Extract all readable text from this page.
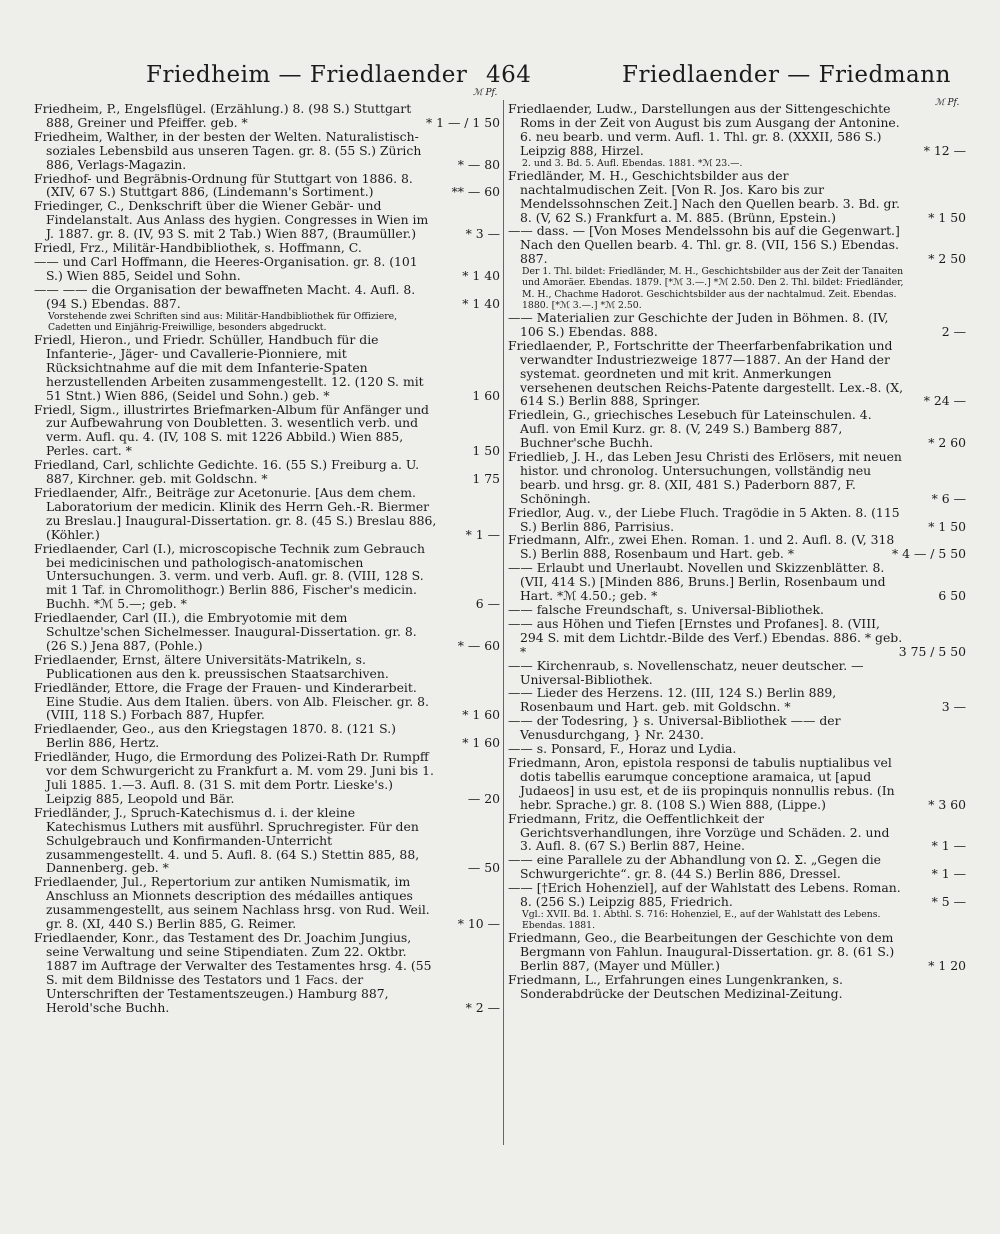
Friedheim — Friedlaender 464	Friedlaender — Friedmann
ℳ Pf.
ℳ Pf.
Friedheim, P., Engelsflügel. (Erzählung.) 8. (98 S.) Stuttgart 888, Greiner und Pfeiffer. geb. *	* 1 — / 1 50
Friedheim, Walther, in der besten der Welten. Naturalistisch-soziales Lebensbild aus unseren Tagen. gr. 8. (55 S.) Zürich 886, Verlags-Magazin.	* — 80
Friedhof- und Begräbnis-Ordnung für Stuttgart von 1886. 8. (XIV, 67 S.) Stuttgart 886, (Lindemann's Sortiment.)	** — 60
Friedinger, C., Denkschrift über die Wiener Gebär- und Findelanstalt. Aus Anlass des hygien. Congresses in Wien im J. 1887. gr. 8. (IV, 93 S. mit 2 Tab.) Wien 887, (Braumüller.)	* 3 —
Friedl, Frz., Militär-Handbibliothek, s. Hoffmann, C.
—— und Carl Hoffmann, die Heeres-Organisation. gr. 8. (101 S.) Wien 885, Seidel und Sohn.	* 1 40
—— —— die Organisation der bewaffneten Macht. 4. Aufl. 8. (94 S.) Ebendas. 887.	* 1 40
Vorstehende zwei Schriften sind aus: Militär-Handbibliothek für Offiziere, Cadetten und Einjährig-Freiwillige, besonders abgedruckt.
Friedl, Hieron., und Friedr. Schüller, Handbuch für die Infanterie-, Jäger- und Cavallerie-Pionniere, mit Rücksichtnahme auf die mit dem Infanterie-Spaten herzustellenden Arbeiten zusammengestellt. 12. (120 S. mit 51 Stnt.) Wien 886, (Seidel und Sohn.) geb. *	1 60
Friedl, Sigm., illustrirtes Briefmarken-Album für Anfänger und zur Aufbewahrung von Doubletten. 3. wesentlich verb. und verm. Aufl. qu. 4. (IV, 108 S. mit 1226 Abbild.) Wien 885, Perles. cart. *	1 50
Friedland, Carl, schlichte Gedichte. 16. (55 S.) Freiburg a. U. 887, Kirchner. geb. mit Goldschn. *	1 75
Friedlaender, Alfr., Beiträge zur Acetonurie. [Aus dem chem. Laboratorium der medicin. Klinik des Herrn Geh.-R. Biermer zu Breslau.] Inaugural-Dissertation. gr. 8. (45 S.) Breslau 886, (Köhler.)	* 1 —
Friedlaender, Carl (I.), microscopische Technik zum Gebrauch bei medicinischen und pathologisch-anatomischen Untersuchungen. 3. verm. und verb. Aufl. gr. 8. (VIII, 128 S. mit 1 Taf. in Chromolithogr.) Berlin 886, Fischer's medicin. Buchh. *ℳ 5.—; geb. *	6 —
Friedlaender, Carl (II.), die Embryotomie mit dem Schultze'schen Sichelmesser. Inaugural-Dissertation. gr. 8. (26 S.) Jena 887, (Pohle.)	* — 60
Friedlaender, Ernst, ältere Universitäts-Matrikeln, s. Publicationen aus den k. preussischen Staatsarchiven.
Friedländer, Ettore, die Frage der Frauen- und Kinderarbeit. Eine Studie. Aus dem Italien. übers. von Alb. Fleischer. gr. 8. (VIII, 118 S.) Forbach 887, Hupfer.	* 1 60
Friedlaender, Geo., aus den Kriegstagen 1870. 8. (121 S.) Berlin 886, Hertz.	* 1 60
Friedländer, Hugo, die Ermordung des Polizei-Rath Dr. Rumpff vor dem Schwurgericht zu Frankfurt a. M. vom 29. Juni bis 1. Juli 1885. 1.—3. Aufl. 8. (31 S. mit dem Portr. Lieske's.) Leipzig 885, Leopold und Bär.	— 20
Friedländer, J., Spruch-Katechismus d. i. der kleine Katechismus Luthers mit ausführl. Spruchregister. Für den Schulgebrauch und Konfirmanden-Unterricht zusammengestellt. 4. und 5. Aufl. 8. (64 S.) Stettin 885, 88, Dannenberg. geb. *	— 50
Friedlaender, Jul., Repertorium zur antiken Numismatik, im Anschluss an Mionnets description des médailles antiques zusammengestellt, aus seinem Nachlass hrsg. von Rud. Weil. gr. 8. (XI, 440 S.) Berlin 885, G. Reimer.	* 10 —
Friedlaender, Konr., das Testament des Dr. Joachim Jungius, seine Verwaltung und seine Stipendiaten. Zum 22. Oktbr. 1887 im Auftrage der Verwalter des Testamentes hrsg. 4. (55 S. mit dem Bildnisse des Testators und 1 Facs. der Unterschriften der Testamentszeugen.) Hamburg 887, Herold'sche Buchh.	* 2 —
Friedlaender, Ludw., Darstellungen aus der Sittengeschichte Roms in der Zeit von August bis zum Ausgang der Antonine. 6. neu bearb. und verm. Aufl. 1. Thl. gr. 8. (XXXII, 586 S.) Leipzig 888, Hirzel.	* 12 —
2. und 3. Bd. 5. Aufl. Ebendas. 1881. *ℳ 23.—.
Friedländer, M. H., Geschichtsbilder aus der nachtalmudischen Zeit. [Von R. Jos. Karo bis zur Mendelssohnschen Zeit.] Nach den Quellen bearb. 3. Bd. gr. 8. (V, 62 S.) Frankfurt a. M. 885. (Brünn, Epstein.)	* 1 50
—— dass. — [Von Moses Mendelssohn bis auf die Gegenwart.] Nach den Quellen bearb. 4. Thl. gr. 8. (VII, 156 S.) Ebendas. 887.	* 2 50
Der 1. Thl. bildet: Friedländer, M. H., Geschichtsbilder aus der Zeit der Tanaiten und Amoräer. Ebendas. 1879. [*ℳ 3.—.] *ℳ 2.50. Den 2. Thl. bildet: Friedländer, M. H., Chachme Hadorot. Geschichtsbilder aus der nachtalmud. Zeit. Ebendas. 1880. [*ℳ 3.—.] *ℳ 2.50.
—— Materialien zur Geschichte der Juden in Böhmen. 8. (IV, 106 S.) Ebendas. 888.	2 —
Friedlaender, P., Fortschritte der Theerfarbenfabrikation und verwandter Industriezweige 1877—1887. An der Hand der systemat. geordneten und mit krit. Anmerkungen versehenen deutschen Reichs-Patente dargestellt. Lex.-8. (X, 614 S.) Berlin 888, Springer.	* 24 —
Friedlein, G., griechisches Lesebuch für Lateinschulen. 4. Aufl. von Emil Kurz. gr. 8. (V, 249 S.) Bamberg 887, Buchner'sche Buchh.	* 2 60
Friedlieb, J. H., das Leben Jesu Christi des Erlösers, mit neuen histor. und chronolog. Untersuchungen, vollständig neu bearb. und hrsg. gr. 8. (XII, 481 S.) Paderborn 887, F. Schöningh.	* 6 —
Friedlor, Aug. v., der Liebe Fluch. Tragödie in 5 Akten. 8. (115 S.) Berlin 886, Parrisius.	* 1 50
Friedmann, Alfr., zwei Ehen. Roman. 1. und 2. Aufl. 8. (V, 318 S.) Berlin 888, Rosenbaum und Hart. geb. *	* 4 — / 5 50
—— Erlaubt und Unerlaubt. Novellen und Skizzenblätter. 8. (VII, 414 S.) [Minden 886, Bruns.] Berlin, Rosenbaum und Hart. *ℳ 4.50.; geb. *	6 50
—— falsche Freundschaft, s. Universal-Bibliothek.
—— aus Höhen und Tiefen [Ernstes und Profanes]. 8. (VIII, 294 S. mit dem Lichtdr.-Bilde des Verf.) Ebendas. 886. * geb. *	3 75 / 5 50
—— Kirchenraub, s. Novellenschatz, neuer deutscher. — Universal-Bibliothek.
—— Lieder des Herzens. 12. (III, 124 S.) Berlin 889, Rosenbaum und Hart. geb. mit Goldschn. *	3 —
—— der Todesring, } s. Universal-Bibliothek —— der Venusdurchgang, } Nr. 2430.
—— s. Ponsard, F., Horaz und Lydia.
Friedmann, Aron, epistola responsi de tabulis nuptialibus vel dotis tabellis earumque conceptione aramaica, ut [apud Judaeos] in usu est, et de iis propinquis nonnullis rebus. (In hebr. Sprache.) gr. 8. (108 S.) Wien 888, (Lippe.)	* 3 60
Friedmann, Fritz, die Oeffentlichkeit der Gerichtsverhandlungen, ihre Vorzüge und Schäden. 2. und 3. Aufl. 8. (67 S.) Berlin 887, Heine.	* 1 —
—— eine Parallele zu der Abhandlung von Ω. Σ. „Gegen die Schwurgerichte“. gr. 8. (44 S.) Berlin 886, Dressel.	* 1 —
—— [†Erich Hohenziel], auf der Wahlstatt des Lebens. Roman. 8. (256 S.) Leipzig 885, Friedrich.	* 5 —
Vgl.: XVII. Bd. 1. Abthl. S. 716: Hohenziel, E., auf der Wahlstatt des Lebens. Ebendas. 1881.
Friedmann, Geo., die Bearbeitungen der Geschichte von dem Bergmann von Fahlun. Inaugural-Dissertation. gr. 8. (61 S.) Berlin 887, (Mayer und Müller.)	* 1 20
Friedmann, L., Erfahrungen eines Lungenkranken, s. Sonderabdrücke der Deutschen Medizinal-Zeitung.
